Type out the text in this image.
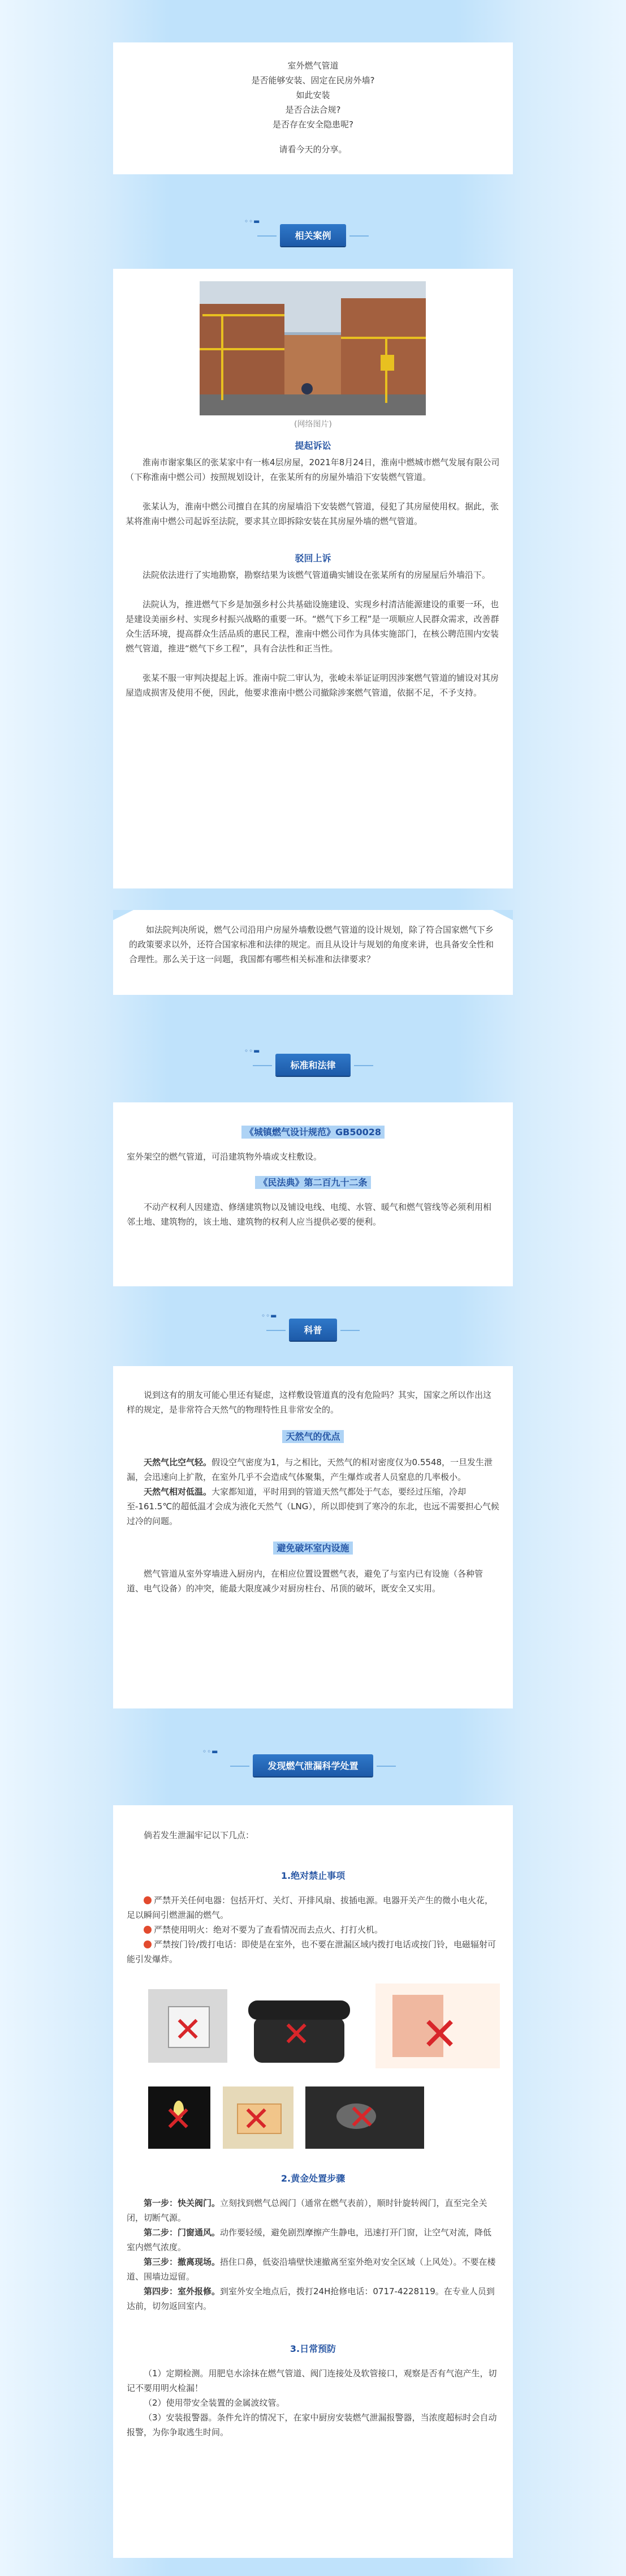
室外燃气管道
是否能够安装、固定在民房外墙?
如此安装
是否合法合规?
是否存在安全隐患呢?
请看今天的分享。
◦◦▬
相关案例
(网络图片)
提起诉讼

淮南市谢家集区的张某家中有一栋4层房屋，2021年8月24日，淮南中燃城市燃气发展有限公司（下称淮南中燃公司）按照规划设计，在张某所有的房屋外墙沿下安装燃气管道。

张某认为，淮南中燃公司擅自在其的房屋墙沿下安装燃气管道，侵犯了其房屋使用权。据此，张某将淮南中燃公司起诉至法院，要求其立即拆除安装在其房屋外墙的燃气管道。

驳回上诉

法院依法进行了实地勘察，勘察结果为该燃气管道确实铺设在张某所有的房屋屋后外墙沿下。

法院认为，推进燃气下乡是加强乡村公共基础设施建设、实现乡村清洁能源建设的重要一环，也是建设美丽乡村、实现乡村振兴战略的重要一环。“燃气下乡工程”是一项顺应人民群众需求，改善群众生活环境，提高群众生活品质的惠民工程，淮南中燃公司作为具体实施部门，在核公聘范围内安装燃气管道，推进“燃气下乡工程”，具有合法性和正当性。

张某不服一审判决提起上诉。淮南中院二审认为，张峻未举证证明因涉案燃气管道的铺设对其房屋造成损害及使用不便，因此，他要求淮南中燃公司撤除涉案燃气管道，依据不足，不予支持。

如法院判决所说，燃气公司沿用户房屋外墙敷设燃气管道的设计规划，除了符合国家燃气下乡的政策要求以外，还符合国家标准和法律的规定。而且从设计与规划的角度来讲，也具备安全性和合理性。那么关于这一问题，我国都有哪些相关标准和法律要求？

◦◦▬
标准和法律
《城镇燃气设计规范》GB50028

室外架空的燃气管道，可沿建筑物外墙或支柱敷设。

《民法典》第二百九十二条

不动产权利人因建造、修缮建筑物以及铺设电线、电缆、水管、暖气和燃气管线等必须利用相邻土地、建筑物的，该土地、建筑物的权利人应当提供必要的便利。

◦◦▬
科普

说到这有的朋友可能心里还有疑虑，这样敷设管道真的没有危险吗？其实，国家之所以作出这样的规定，是非常符合天然气的物理特性且非常安全的。

天然气的优点

天然气比空气轻。假设空气密度为1，与之相比，天然气的相对密度仅为0.5548，一旦发生泄漏，会迅速向上扩散，在室外几乎不会造成气体聚集，产生爆炸或者人员窒息的几率极小。

天然气相对低温。大家都知道，平时用到的管道天然气都处于气态，要经过压缩，冷却至-161.5℃的超低温才会成为液化天然气（LNG），所以即使到了寒冷的东北，也远不需要担心气候过冷的问题。

避免破坏室内设施

燃气管道从室外穿墙进入厨房内，在相应位置设置燃气表，避免了与室内已有设施（各种管道、电气设备）的冲突，能最大限度减少对厨房柱台、吊顶的破坏，既安全又实用。

◦◦▬
发现燃气泄漏科学处置

倘若发生泄漏牢记以下几点：

1.绝对禁止事项

严禁开关任何电器：包括开灯、关灯、开排风扇、拔插电源。电器开关产生的微小电火花，足以瞬间引燃泄漏的燃气。

严禁使用明火：绝对不要为了查看情况而去点火、打打火机。

严禁按门铃/拨打电话：即使是在室外，也不要在泄漏区域内拨打电话或按门铃，电磁辐射可能引发爆炸。

✕ ✕ ✕
✕ ✕ ✕
2.黄金处置步骤

第一步：快关阀门。立刻找到燃气总阀门（通常在燃气表前），顺时针旋转阀门，直至完全关闭，切断气源。

第二步：门窗通风。动作要轻缓，避免剧烈摩擦产生静电，迅速打开门窗，让空气对流，降低室内燃气浓度。

第三步：撤离现场。捂住口鼻，低姿沿墙壁快速撤离至室外绝对安全区域（上风处）。不要在楼道、围墙边逗留。

第四步：室外报修。到室外安全地点后，拨打24H抢修电话：0717-4228119。在专业人员到达前，切勿返回室内。

3.日常预防

（1）定期检测。用肥皂水涂抹在燃气管道、阀门连接处及软管接口，观察是否有气泡产生，切记不要用明火检漏！

（2）使用带安全装置的金属波纹管。

（3）安装报警器。条件允许的情况下，在家中厨房安装燃气泄漏报警器，当浓度超标时会自动报警，为你争取逃生时间。
